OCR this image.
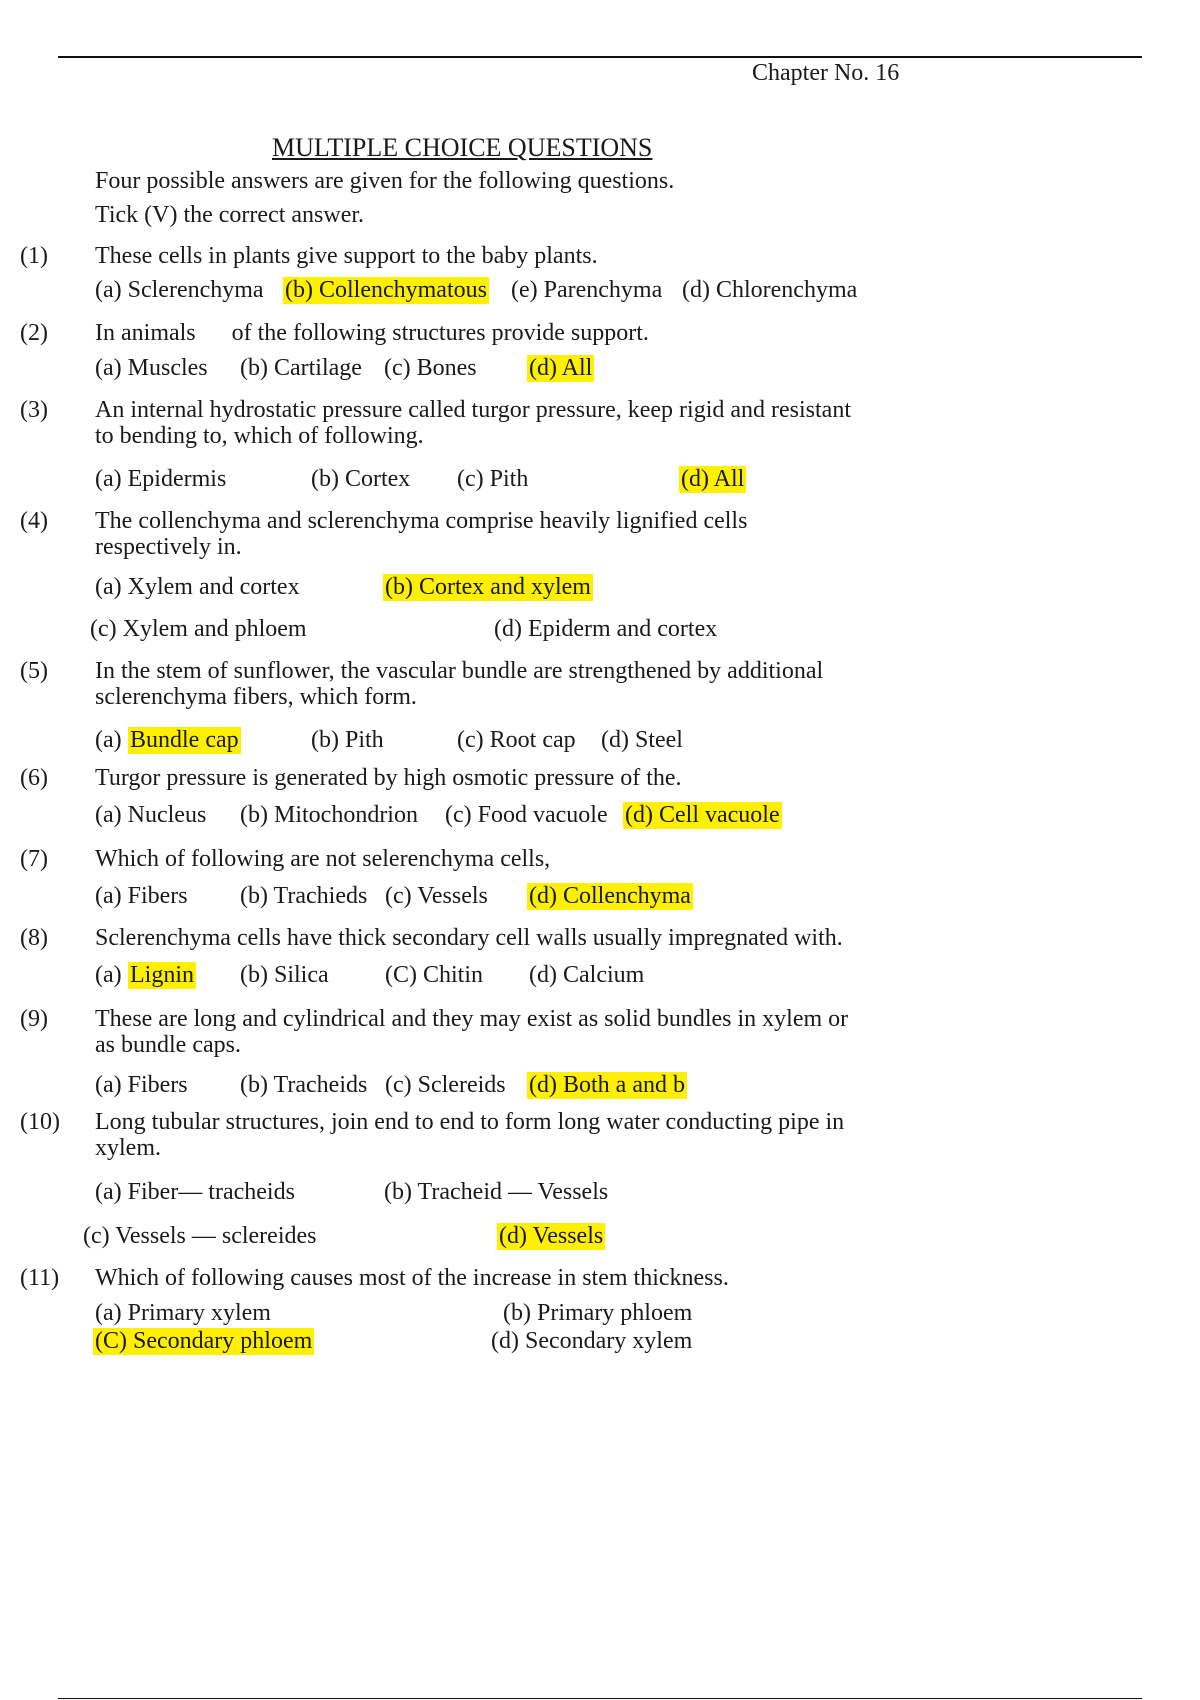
Chapter No. 16
MULTIPLE CHOICE QUESTIONS
Four possible answers are given for the following questions.
Tick (V) the correct answer.
(1) These cells in plants give support to the baby plants.
(a) Sclerenchyma (b) Collenchymatous (e) Parenchyma (d) Chlorenchyma
(2) In animals      of the following structures provide support.
(a) Muscles (b) Cartilage (c) Bones (d) All
(3) An internal hydrostatic pressure called turgor pressure, keep rigid and resistant
to bending to, which of following.
(a) Epidermis	(b) Cortex (c) Pith	(d) All
(4) The collenchyma and sclerenchyma comprise heavily lignified cells
respectively in.
(a) Xylem and cortex	(b) Cortex and xylem
(c) Xylem and phloem	(d) Epiderm and cortex
(5) In the stem of sunflower, the vascular bundle are strengthened by additional
sclerenchyma fibers, which form.
(a) Bundle cap	(b) Pith	(c) Root cap (d) Steel
(6) Turgor pressure is generated by high osmotic pressure of the.
(a) Nucleus (b) Mitochondrion (c) Food vacuole (d) Cell vacuole
(7) Which of following are not selerenchyma cells,
(a) Fibers (b) Trachieds (c) Vessels (d) Collenchyma
(8) Sclerenchyma cells have thick secondary cell walls usually impregnated with.
(a) Lignin (b) Silica (C) Chitin (d) Calcium
(9) These are long and cylindrical and they may exist as solid bundles in xylem or
as bundle caps.
(a) Fibers (b) Tracheids (c) Sclereids (d) Both a and b
(10) Long tubular structures, join end to end to form long water conducting pipe in
xylem.
(a) Fiber— tracheids	(b) Tracheid — Vessels
(c) Vessels — sclereides	(d) Vessels
(11) Which of following causes most of the increase in stem thickness.
(a) Primary xylem	(b) Primary phloem
(C) Secondary phloem	(d) Secondary xylem
